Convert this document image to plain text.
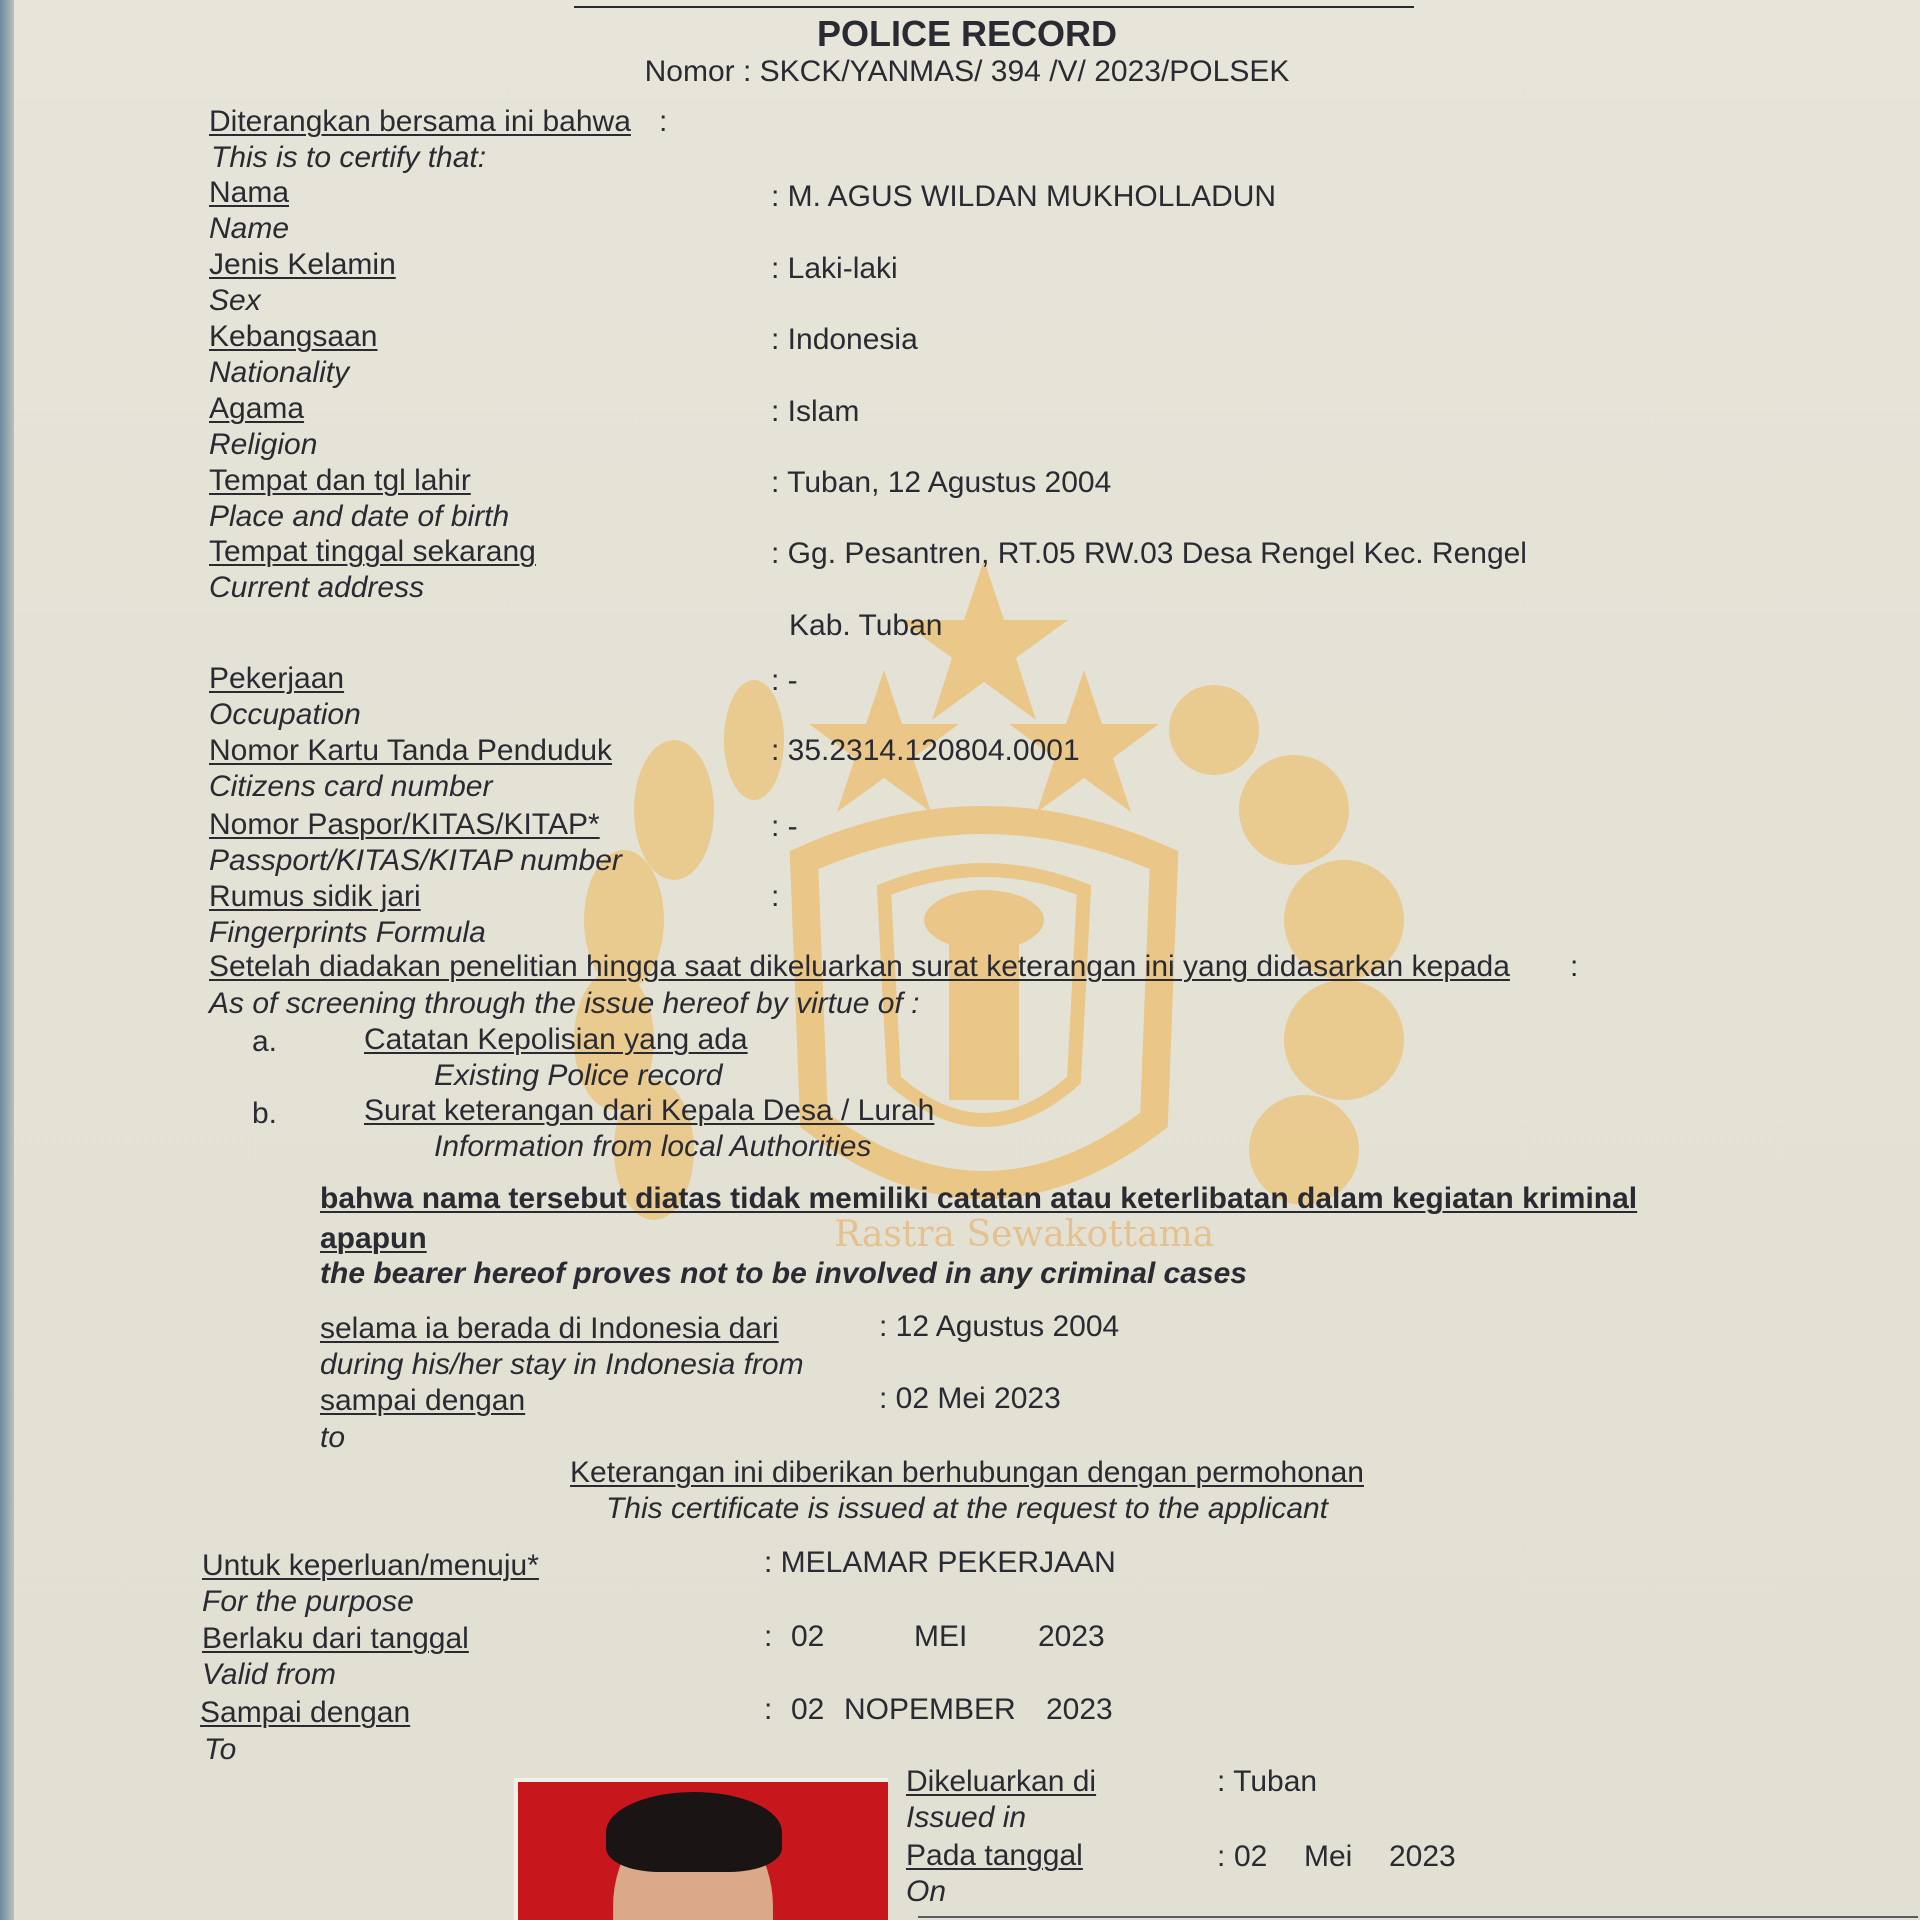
Rastra Sewakottama
POLICE RECORD
Nomor : SKCK/YANMAS/ 394 /V/ 2023/POLSEK
Diterangkan bersama ini bahwa :
This is to certify that:
Nama
Name
: M. AGUS WILDAN MUKHOLLADUN
Jenis Kelamin
Sex
: Laki-laki
Kebangsaan
Nationality
: Indonesia
Agama
Religion
: Islam
Tempat dan tgl lahir
Place and date of birth
: Tuban, 12 Agustus 2004
Tempat tinggal sekarang
Current address
: Gg. Pesantren, RT.05 RW.03 Desa Rengel Kec. Rengel
Kab. Tuban
Pekerjaan
Occupation
: -
Nomor Kartu Tanda Penduduk
Citizens card number
: 35.2314.120804.0001
Nomor Paspor/KITAS/KITAP*
Passport/KITAS/KITAP number
: -
Rumus sidik jari
Fingerprints Formula
:
Setelah diadakan penelitian hingga saat dikeluarkan surat keterangan ini yang didasarkan kepada :
As of screening through the issue hereof by virtue of :
a.	Catatan Kepolisian yang ada
Existing Police record
b.	Surat keterangan dari Kepala Desa / Lurah
Information from local Authorities
bahwa nama tersebut diatas tidak memiliki catatan atau keterlibatan dalam kegiatan kriminal
apapun
the bearer hereof proves not to be involved in any criminal cases
selama ia berada di Indonesia dari
during his/her stay in Indonesia from
: 12 Agustus 2004
sampai dengan
to
: 02 Mei 2023
Keterangan ini diberikan berhubungan dengan permohonan
This certificate is issued at the request to the applicant
Untuk keperluan/menuju*
For the purpose
: MELAMAR PEKERJAAN
Berlaku dari tanggal
Valid from
: 02	MEI 2023
Sampai dengan
To
: 02 NOPEMBER 2023
Dikeluarkan di
Issued in
: Tuban
Pada tanggal
On
: 02 Mei 2023
